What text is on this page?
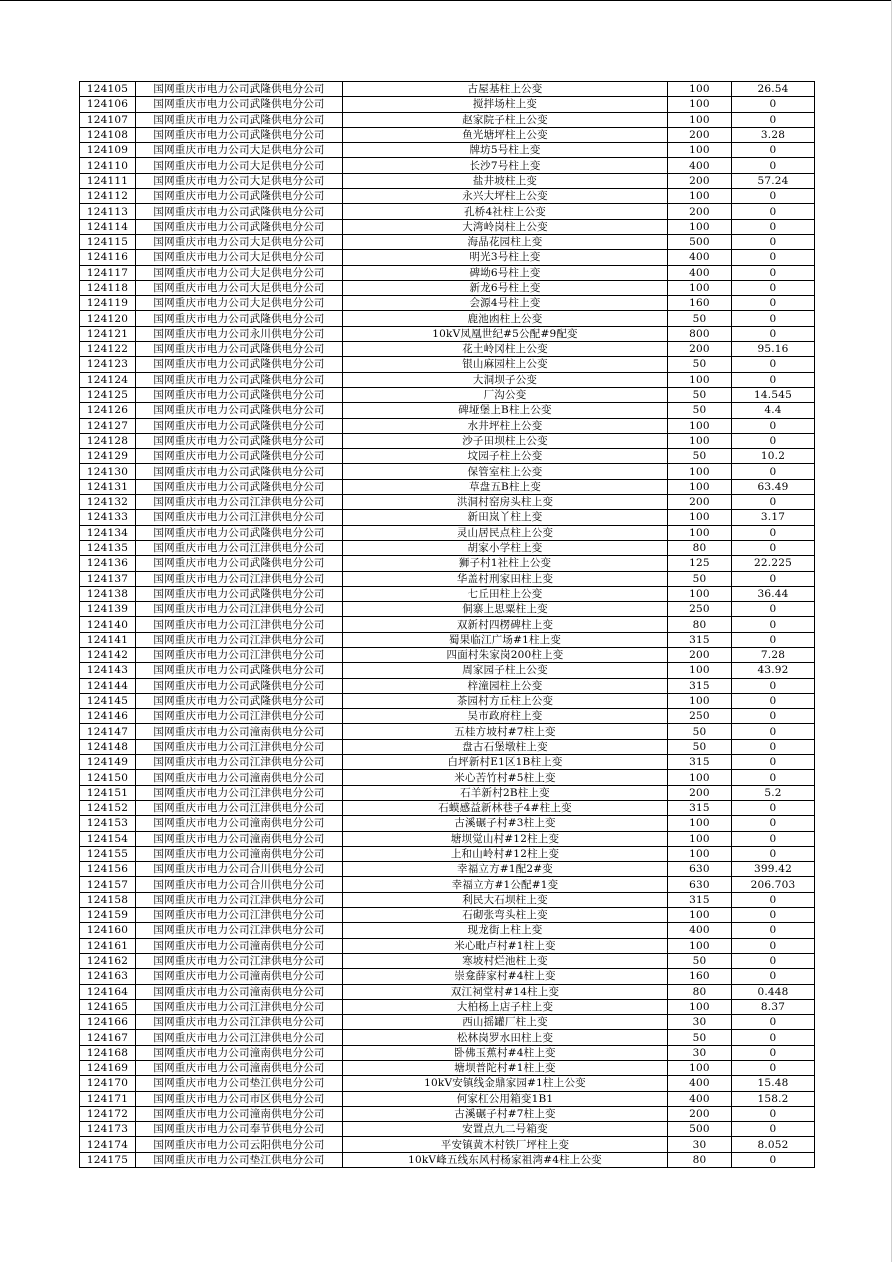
124105	国网重庆市电力公司武隆供电分公司	古屋基柱上公变	100	26.54
124106	国网重庆市电力公司武隆供电分公司	搅拌场柱上变	100	0
124107	国网重庆市电力公司武隆供电分公司	赵家院子柱上公变	100	0
124108	国网重庆市电力公司武隆供电分公司	鱼光塘坪柱上公变	200	3.28
124109	国网重庆市电力公司大足供电分公司	牌坊5号柱上变	100	0
124110	国网重庆市电力公司大足供电分公司	长沙7号柱上变	400	0
124111	国网重庆市电力公司大足供电分公司	盐井坡柱上变	200	57.24
124112	国网重庆市电力公司武隆供电分公司	永兴大坪柱上公变	100	0
124113	国网重庆市电力公司武隆供电分公司	孔桥4社柱上公变	200	0
124114	国网重庆市电力公司武隆供电分公司	大湾岭岗柱上公变	100	0
124115	国网重庆市电力公司大足供电分公司	海晶花园柱上变	500	0
124116	国网重庆市电力公司大足供电分公司	明光3号柱上变	400	0
124117	国网重庆市电力公司大足供电分公司	碑坳6号柱上变	400	0
124118	国网重庆市电力公司大足供电分公司	新龙6号柱上变	100	0
124119	国网重庆市电力公司大足供电分公司	会源4号柱上变	160	0
124120	国网重庆市电力公司武隆供电分公司	鹿池凼柱上公变	50	0
124121	国网重庆市电力公司永川供电分公司	10kV凤凰世纪#5公配#9配变	800	0
124122	国网重庆市电力公司武隆供电分公司	花土岭冈柱上公变	200	95.16
124123	国网重庆市电力公司武隆供电分公司	银山麻园柱上公变	50	0
124124	国网重庆市电力公司武隆供电分公司	大洞坝子公变	100	0
124125	国网重庆市电力公司武隆供电分公司	厂沟公变	50	14.545
124126	国网重庆市电力公司武隆供电分公司	碑垭堡上B柱上公变	50	4.4
124127	国网重庆市电力公司武隆供电分公司	水井坪柱上公变	100	0
124128	国网重庆市电力公司武隆供电分公司	沙子田坝柱上公变	100	0
124129	国网重庆市电力公司武隆供电分公司	坟园子柱上公变	50	10.2
124130	国网重庆市电力公司武隆供电分公司	保管室柱上公变	100	0
124131	国网重庆市电力公司武隆供电分公司	草盘五B柱上变	100	63.49
124132	国网重庆市电力公司江津供电分公司	洪洞村窑房头柱上变	200	0
124133	国网重庆市电力公司江津供电分公司	新田岚丫柱上变	100	3.17
124134	国网重庆市电力公司武隆供电分公司	灵山居民点柱上公变	100	0
124135	国网重庆市电力公司江津供电分公司	胡家小学柱上变	80	0
124136	国网重庆市电力公司武隆供电分公司	狮子村1社柱上公变	125	22.225
124137	国网重庆市电力公司江津供电分公司	华盖村刑家田柱上变	50	0
124138	国网重庆市电力公司武隆供电分公司	七丘田柱上公变	100	36.44
124139	国网重庆市电力公司江津供电分公司	侗寨上思粟柱上变	250	0
124140	国网重庆市电力公司江津供电分公司	双新村四楞碑柱上变	80	0
124141	国网重庆市电力公司江津供电分公司	蜀果临江广场#1柱上变	315	0
124142	国网重庆市电力公司江津供电分公司	四面村朱家岗200柱上变	200	7.28
124143	国网重庆市电力公司武隆供电分公司	周家园子柱上公变	100	43.92
124144	国网重庆市电力公司武隆供电分公司	梓潼园柱上公变	315	0
124145	国网重庆市电力公司武隆供电分公司	茶园村方丘柱上公变	100	0
124146	国网重庆市电力公司江津供电分公司	吴市政府柱上变	250	0
124147	国网重庆市电力公司潼南供电分公司	五桂方坡村#7柱上变	50	0
124148	国网重庆市电力公司江津供电分公司	盘古石堡墩柱上变	50	0
124149	国网重庆市电力公司江津供电分公司	白坪新村E1区1B柱上变	315	0
124150	国网重庆市电力公司潼南供电分公司	米心苦竹村#5柱上变	100	0
124151	国网重庆市电力公司江津供电分公司	石羊新村2B柱上变	200	5.2
124152	国网重庆市电力公司江津供电分公司	石蟆感益新林巷子4#柱上变	315	0
124153	国网重庆市电力公司潼南供电分公司	古溪碾子村#3柱上变	100	0
124154	国网重庆市电力公司潼南供电分公司	塘坝觉山村#12柱上变	100	0
124155	国网重庆市电力公司潼南供电分公司	上和山岭村#12柱上变	100	0
124156	国网重庆市电力公司合川供电分公司	幸福立方#1配2#变	630	399.42
124157	国网重庆市电力公司合川供电分公司	幸福立方#1公配#1变	630	206.703
124158	国网重庆市电力公司江津供电分公司	利民大石坝柱上变	315	0
124159	国网重庆市电力公司江津供电分公司	石砌张弯头柱上变	100	0
124160	国网重庆市电力公司江津供电分公司	现龙街上柱上变	400	0
124161	国网重庆市电力公司潼南供电分公司	米心毗卢村#1柱上变	100	0
124162	国网重庆市电力公司江津供电分公司	寒坡村烂池柱上变	50	0
124163	国网重庆市电力公司潼南供电分公司	崇龛薛家村#4柱上变	160	0
124164	国网重庆市电力公司潼南供电分公司	双江祠堂村#14柱上变	80	0.448
124165	国网重庆市电力公司江津供电分公司	大柏杨上店子柱上变	100	8.37
124166	国网重庆市电力公司江津供电分公司	西山摇罐厂柱上变	30	0
124167	国网重庆市电力公司江津供电分公司	松林岗罗水田柱上变	50	0
124168	国网重庆市电力公司潼南供电分公司	卧佛玉蕉村#4柱上变	30	0
124169	国网重庆市电力公司潼南供电分公司	塘坝普陀村#1柱上变	100	0
124170	国网重庆市电力公司垫江供电分公司	10kV安镇线金鼎家园#1柱上公变	400	15.48
124171	国网重庆市电力公司市区供电分公司	何家杠公用箱变1B1	400	158.2
124172	国网重庆市电力公司潼南供电分公司	古溪碾子村#7柱上变	200	0
124173	国网重庆市电力公司奉节供电分公司	安置点九二号箱变	500	0
124174	国网重庆市电力公司云阳供电分公司	平安镇黄木村铁厂坪柱上变	30	8.052
124175	国网重庆市电力公司垫江供电分公司	10kV峰五线东风村杨家祖湾#4柱上公变	80	0
